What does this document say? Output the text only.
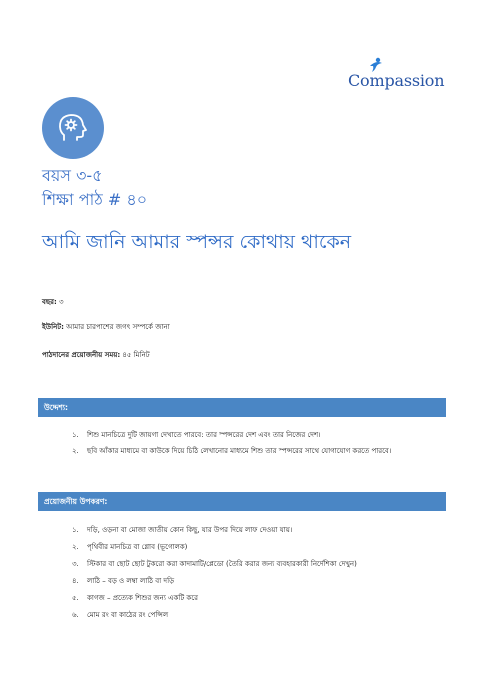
Compassion
বয়স ৩-৫
শিক্ষা পাঠ # ৪০
আমি জানি আমার স্পন্সর কোথায় থাকেন
বছর: ৩
ইউনিট: আমার চারপাশের জগৎ সম্পর্কে জানা
পাঠদানের প্রয়োজনীয় সময়: ৪৫ মিনিট
উদ্দেশ্য:
১. শিশু মানচিত্রে দুটি জায়গা দেখাতে পারবে: তার স্পন্সরের দেশ এবং তার নিজের দেশ।
২. ছবি আঁকার মাধ্যমে বা কাউকে দিয়ে চিঠি লেখানোর মাধ্যমে শিশু তার স্পন্সরের সাথে যোগাযোগ করতে পারবে।
প্রয়োজনীয় উপকরণ:
১. দড়ি, ওড়না বা মোজা জাতীয় কোন কিছু, যার উপর দিয়ে লাফ দেওয়া যায়।
২. পৃথিবীর মানচিত্র বা গ্লোব (ভূগোলক)
৩. স্টিকার বা ছোট ছোট টুকরো করা কাদামাটি/প্লেডো (তৈরি করার জন্য ব্যবহারকারী নির্দেশিকা দেখুন)
৪. লাঠি – বড় ও লম্বা লাঠি বা দড়ি
৫. কাগজ – প্রত্যেক শিশুর জন্য একটি করে
৬. মোম রং বা কাঠের রং পেন্সিল
